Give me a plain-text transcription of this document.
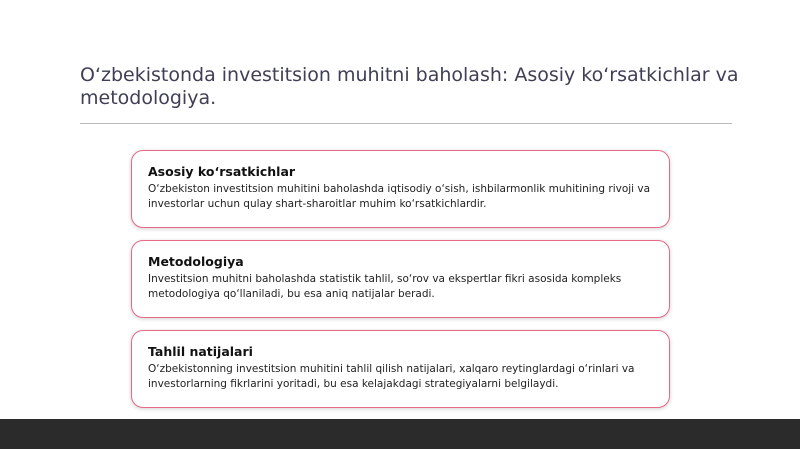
O‘zbekistonda investitsion muhitni baholash: Asosiy ko‘rsatkichlar va metodologiya.
Asosiy ko‘rsatkichlar
O‘zbekiston investitsion muhitini baholashda iqtisodiy o‘sish, ishbilarmonlik muhitining rivoji va investorlar uchun qulay shart-sharoitlar muhim ko‘rsatkichlardir.
Metodologiya
Investitsion muhitni baholashda statistik tahlil, so‘rov va ekspertlar fikri asosida kompleks metodologiya qo‘llaniladi, bu esa aniq natijalar beradi.
Tahlil natijalari
O‘zbekistonning investitsion muhitini tahlil qilish natijalari, xalqaro reytinglardagi o‘rinlari va investorlarning fikrlarini yoritadi, bu esa kelajakdagi strategiyalarni belgilaydi.
